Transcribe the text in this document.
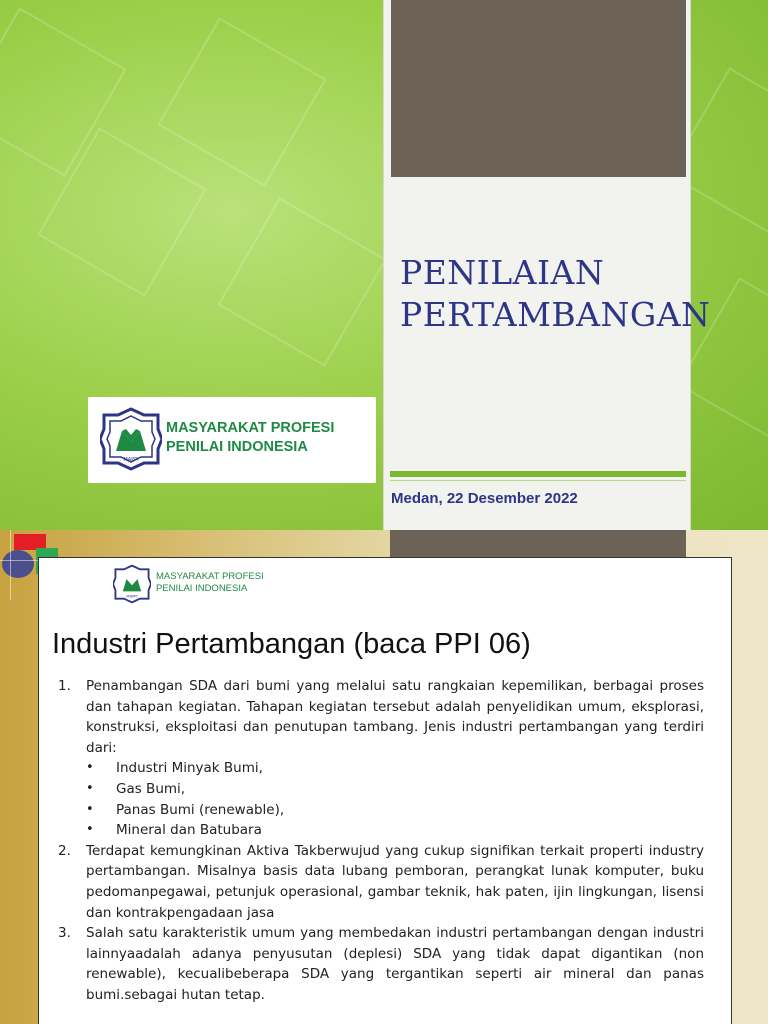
PENILAIAN
PERTAMBANGAN
Medan, 22 Desember 2022
MAPPI
MASYARAKAT PROFESI
PENILAI INDONESIA
MAPPI
MASYARAKAT PROFESI
PENILAI INDONESIA
Industri Pertambangan (baca PPI 06)
1. Penambangan SDA dari bumi yang melalui satu rangkaian kepemilikan, berbagai proses dan tahapan kegiatan. Tahapan kegiatan tersebut adalah penyelidikan umum, eksplorasi, konstruksi, eksploitasi dan penutupan tambang. Jenis industri pertambangan yang terdiri dari:
• Industri Minyak Bumi,
• Gas Bumi,
• Panas Bumi (renewable),
• Mineral dan Batubara
2. Terdapat kemungkinan Aktiva Takberwujud yang cukup signifikan terkait properti industry pertambangan. Misalnya basis data lubang pemboran, perangkat lunak komputer, buku pedomanpegawai, petunjuk operasional, gambar teknik, hak paten, ijin lingkungan, lisensi dan kontrakpengadaan jasa
3. Salah satu karakteristik umum yang membedakan industri pertambangan dengan industri lainnyaadalah adanya penyusutan (deplesi) SDA yang tidak dapat digantikan (non renewable), kecualibeberapa SDA yang tergantikan seperti air mineral dan panas bumi.sebagai hutan tetap.
